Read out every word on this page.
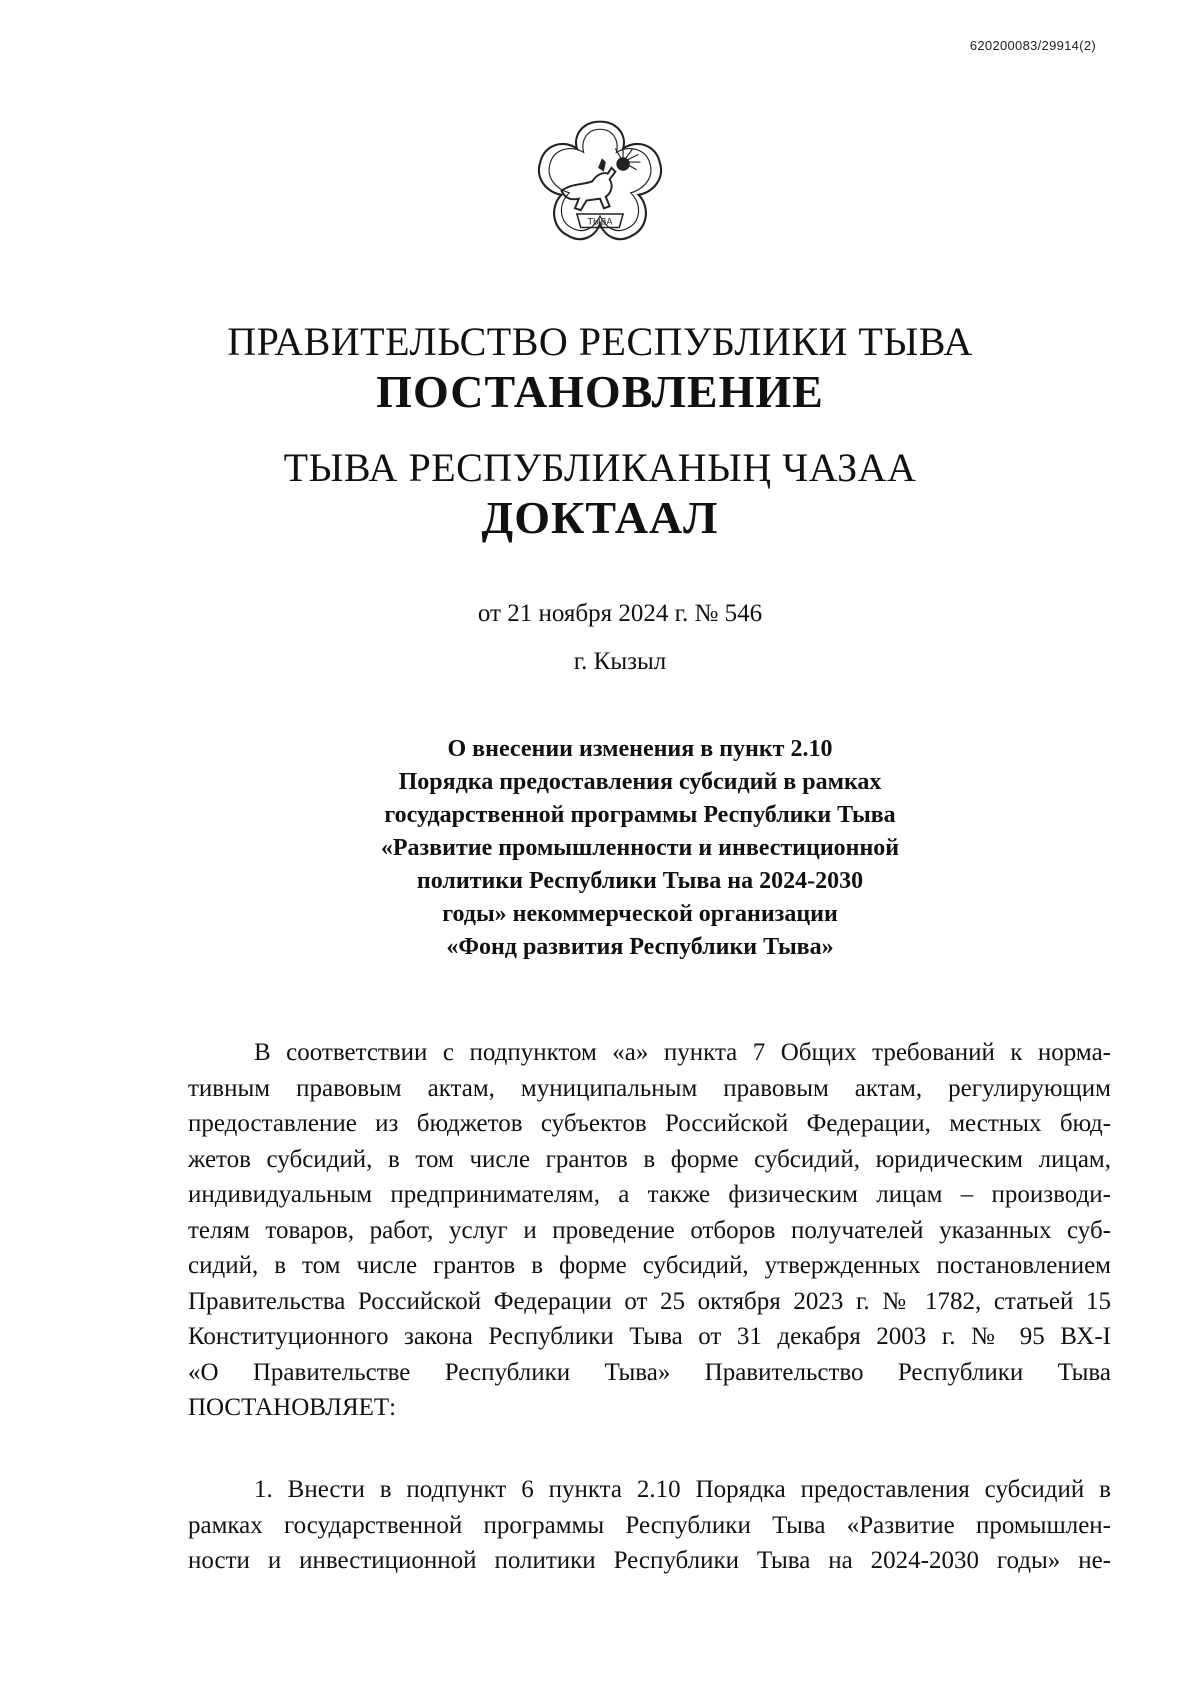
620200083/29914(2)
ТЫВА
ПРАВИТЕЛЬСТВО РЕСПУБЛИКИ ТЫВА
ПОСТАНОВЛЕНИЕ
ТЫВА РЕСПУБЛИКАНЫҢ ЧАЗАА
ДОКТААЛ
от 21 ноября 2024 г. № 546
г. Кызыл
О внесении изменения в пункт 2.10
Порядка предоставления субсидий в рамках
государственной программы Республики Тыва
«Развитие промышленности и инвестиционной
политики Республики Тыва на 2024-2030
годы» некоммерческой организации
«Фонд развития Республики Тыва»
В соответствии с подпунктом «а» пункта 7 Общих требований к норма-
тивным правовым актам, муниципальным правовым актам, регулирующим
предоставление из бюджетов субъектов Российской Федерации, местных бюд-
жетов субсидий, в том числе грантов в форме субсидий, юридическим лицам,
индивидуальным предпринимателям, а также физическим лицам – производи-
телям товаров, работ, услуг и проведение отборов получателей указанных суб-
сидий, в том числе грантов в форме субсидий, утвержденных постановлением
Правительства Российской Федерации от 25 октября 2023 г. № 1782, статьей 15
Конституционного закона Республики Тыва от 31 декабря 2003 г. № 95 ВХ-I
«О Правительстве Республики Тыва» Правительство Республики Тыва
ПОСТАНОВЛЯЕТ:
1. Внести в подпункт 6 пункта 2.10 Порядка предоставления субсидий в
рамках государственной программы Республики Тыва «Развитие промышлен-
ности и инвестиционной политики Республики Тыва на 2024-2030 годы» не-
